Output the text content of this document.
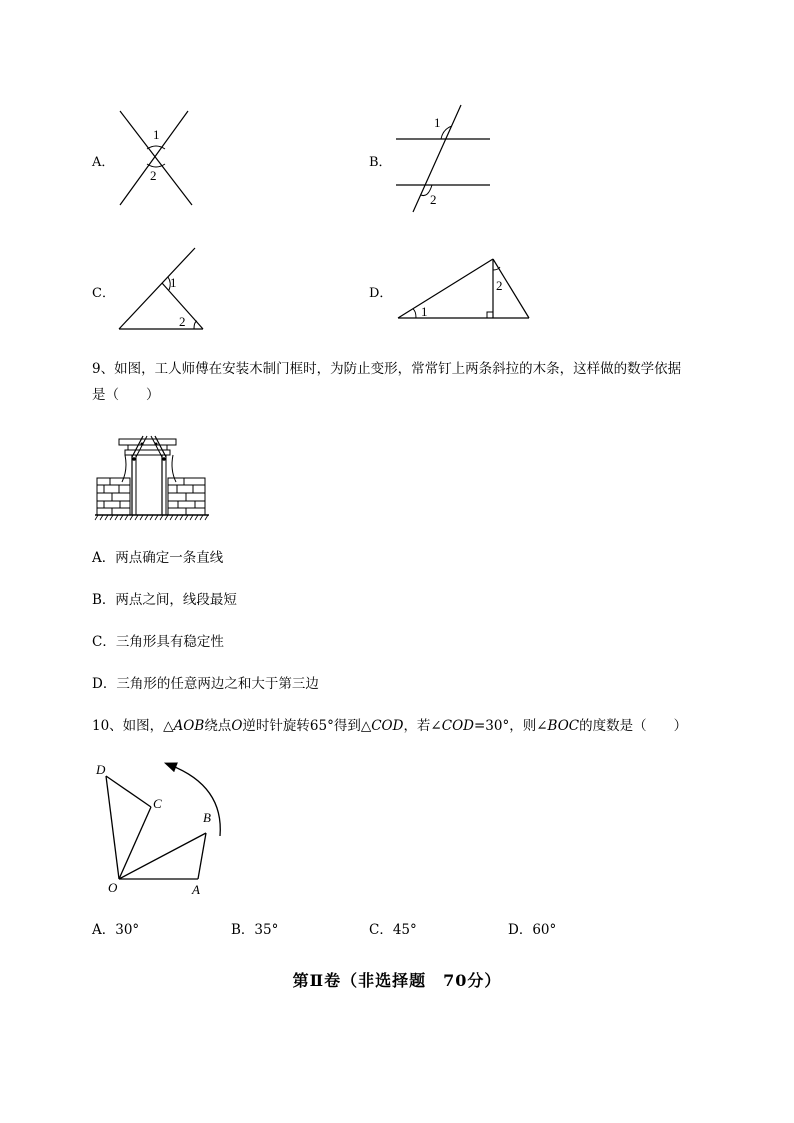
A．
1
2
B．
1
2
C．
1
2
D．
1
2
9、如图，工人师傅在安装木制门框时，为防止变形，常常钉上两条斜拉的木条，这样做的数学依据
是（　　）
A．两点确定一条直线
B．两点之间，线段最短
C．三角形具有稳定性
D．三角形的任意两边之和大于第三边
10、如图，△AOB绕点O逆时针旋转65°得到△COD，若∠COD=30°，则∠BOC的度数是（　　）
D
C
B
O	A
A．30°	B．35°	C．45°	D．60°
第Ⅱ卷（非选择题　70分）
